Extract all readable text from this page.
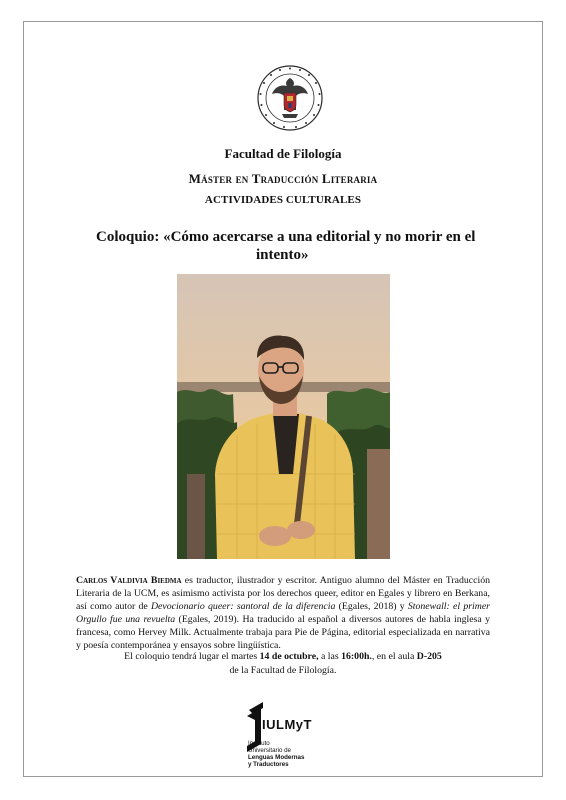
Facultad de Filología
Máster en Traducción Literaria
ACTIVIDADES CULTURALES
Coloquio: «Cómo acercarse a una editorial y no morir en el
intento»
Carlos Valdivia Biedma es traductor, ilustrador y escritor. Antiguo alumno del Máster en Traducción Literaria de la UCM, es asimismo activista por los derechos queer, editor en Egales y librero en Berkana, así como autor de Devocionario queer: santoral de la diferencia (Egales, 2018) y Stonewall: el primer Orgullo fue una revuelta (Egales, 2019). Ha traducido al español a diversos autores de habla inglesa y francesa, como Hervey Milk. Actualmente trabaja para Pie de Página, editorial especializada en narrativa y poesía contemporánea y ensayos sobre lingüística.
El coloquio tendrá lugar el martes 14 de octubre, a las 16:00h., en el aula D-205
de la Facultad de Filología.
IULMyT
Instituto
Universitario de
Lenguas Modernas
y Traductores
